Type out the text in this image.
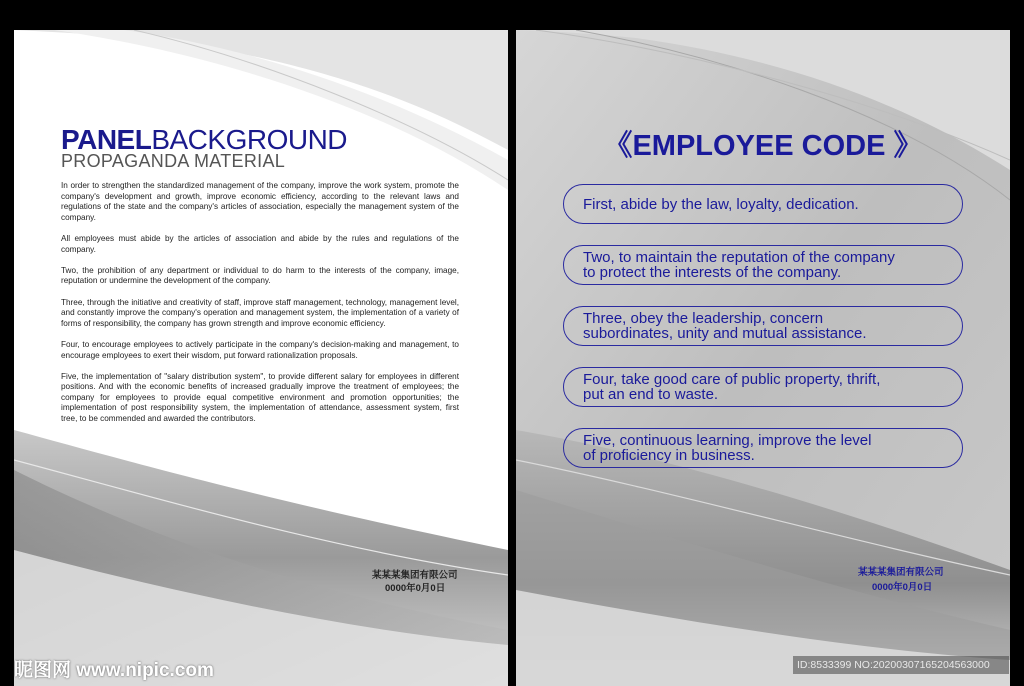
PANELBACKGROUND
PROPAGANDA MATERIAL

In order to strengthen the standardized management of the company, improve the work system, promote the company's development and growth, improve economic efficiency, according to the relevant laws and regulations of the state and the company's articles of association, especially the management system of the company.

All employees must abide by the articles of association and abide by the rules and regulations of the company.

Two, the prohibition of any department or individual to do harm to the interests of the company, image, reputation or undermine the development of the company.

Three, through the initiative and creativity of staff, improve staff management, technology, management level, and constantly improve the company's operation and management system, the implementation of a variety of forms of responsibility, the company has grown strength and improve economic efficiency.

Four, to encourage employees to actively participate in the company's decision-making and management, to encourage employees to exert their wisdom, put forward rationalization proposals.

Five, the implementation of "salary distribution system", to provide different salary for employees in different positions. And with the economic benefits of increased gradually improve the treatment of employees; the company for employees to provide equal competitive environment and promotion opportunities; the implementation of post responsibility system, the implementation of attendance, assessment system, first tree, to be commended and awarded the contributors.

某某某集团有限公司
0000年0月0日
《EMPLOYEE CODE 》
First, abide by the law, loyalty, dedication.
Two, to maintain the reputation of the company
to protect the interests of the company.
Three, obey the leadership, concern
subordinates, unity and mutual assistance.
Four, take good care of public property, thrift,
put an end to waste.
Five, continuous learning, improve the level
of proficiency in business.
某某某集团有限公司
0000年0月0日
昵图网 www.nipic.com	ID:8533399 NO:20200307165204563000
